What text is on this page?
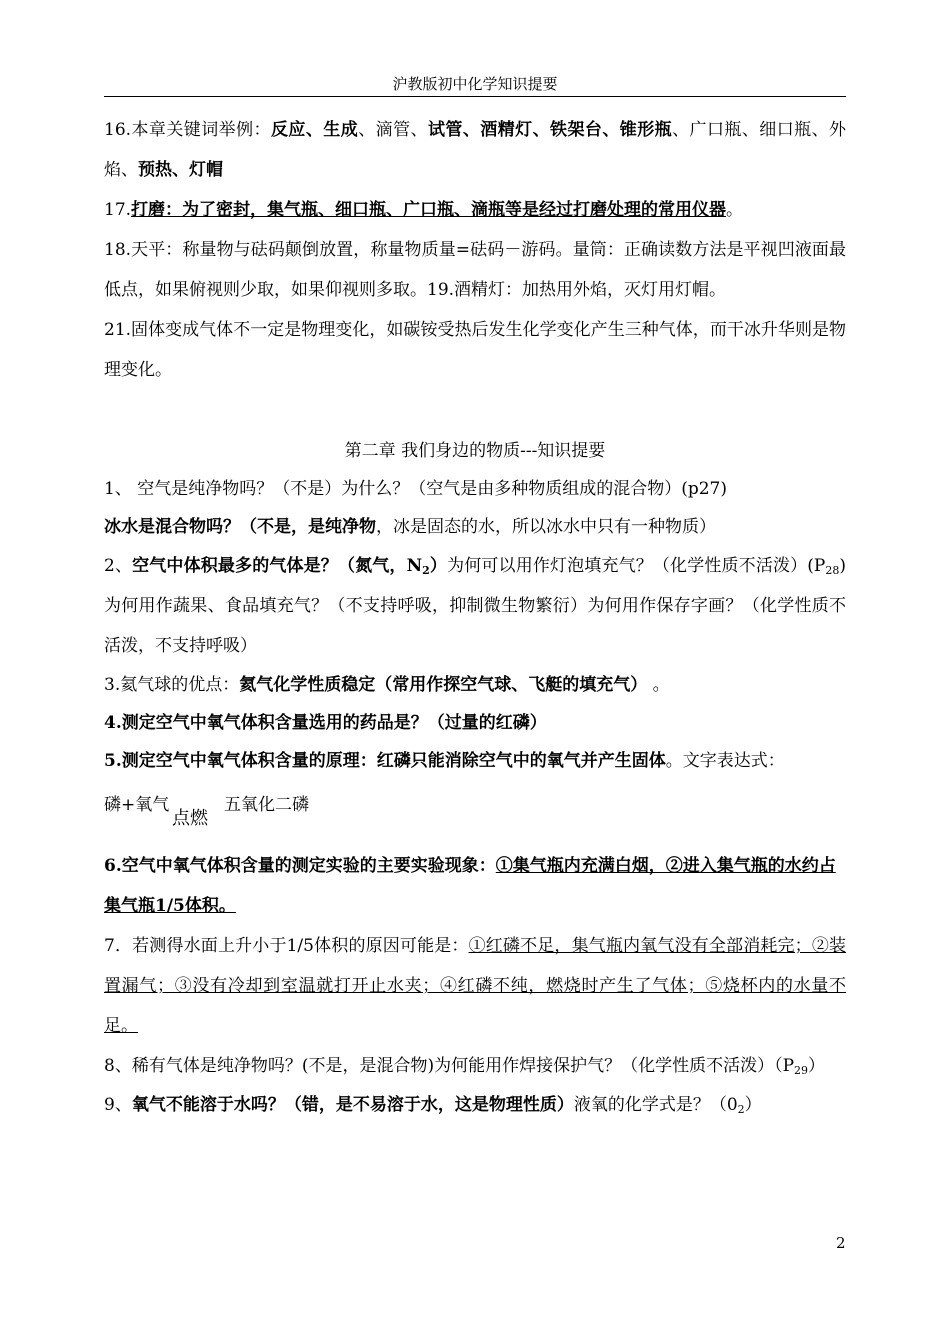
沪教版初中化学知识提要

16.本章关键词举例：反应、生成、滴管、试管、酒精灯、铁架台、锥形瓶、广口瓶、细口瓶、外焰、预热、灯帽

17.打磨：为了密封，集气瓶、细口瓶、广口瓶、滴瓶等是经过打磨处理的常用仪器。

18.天平：称量物与砝码颠倒放置，称量物质量=砝码－游码。量筒：正确读数方法是平视凹液面最低点，如果俯视则少取，如果仰视则多取。19.酒精灯：加热用外焰，灭灯用灯帽。

21.固体变成气体不一定是物理变化，如碳铵受热后发生化学变化产生三种气体，而干冰升华则是物理变化。

第二章 我们身边的物质---知识提要

1、 空气是纯净物吗？（不是）为什么？（空气是由多种物质组成的混合物）(p27)

冰水是混合物吗？（不是，是纯净物，冰是固态的水，所以冰水中只有一种物质）

2、空气中体积最多的气体是？（氮气，$N_2$）为何可以用作灯泡填充气？（化学性质不活泼）$(P_{28})$为何用作蔬果、食品填充气？（不支持呼吸，抑制微生物繁衍）为何用作保存字画？（化学性质不活泼，不支持呼吸）

3.氦气球的优点：氦气化学性质稳定（常用作探空气球、飞艇的填充气） 。

4.测定空气中氧气体积含量选用的药品是？（过量的红磷）

5.测定空气中氧气体积含量的原理：红磷只能消除空气中的氧气并产生固体。文字表达式：

磷+氧气
点燃
五氧化二磷

6.空气中氧气体积含量的测定实验的主要实验现象：①集气瓶内充满白烟，②进入集气瓶的水约占集气瓶1/5体积。

7．若测得水面上升小于1/5体积的原因可能是：①红磷不足，集气瓶内氧气没有全部消耗完；②装置漏气；③没有冷却到室温就打开止水夹；④红磷不纯，燃烧时产生了气体；⑤烧杯内的水量不足。

8、稀有气体是纯净物吗？(不是，是混合物)为何能用作焊接保护气？（化学性质不活泼）$(P_{29})$

9、氧气不能溶于水吗？（错，是不易溶于水，这是物理性质）液氧的化学式是？$(0_2)$

2
